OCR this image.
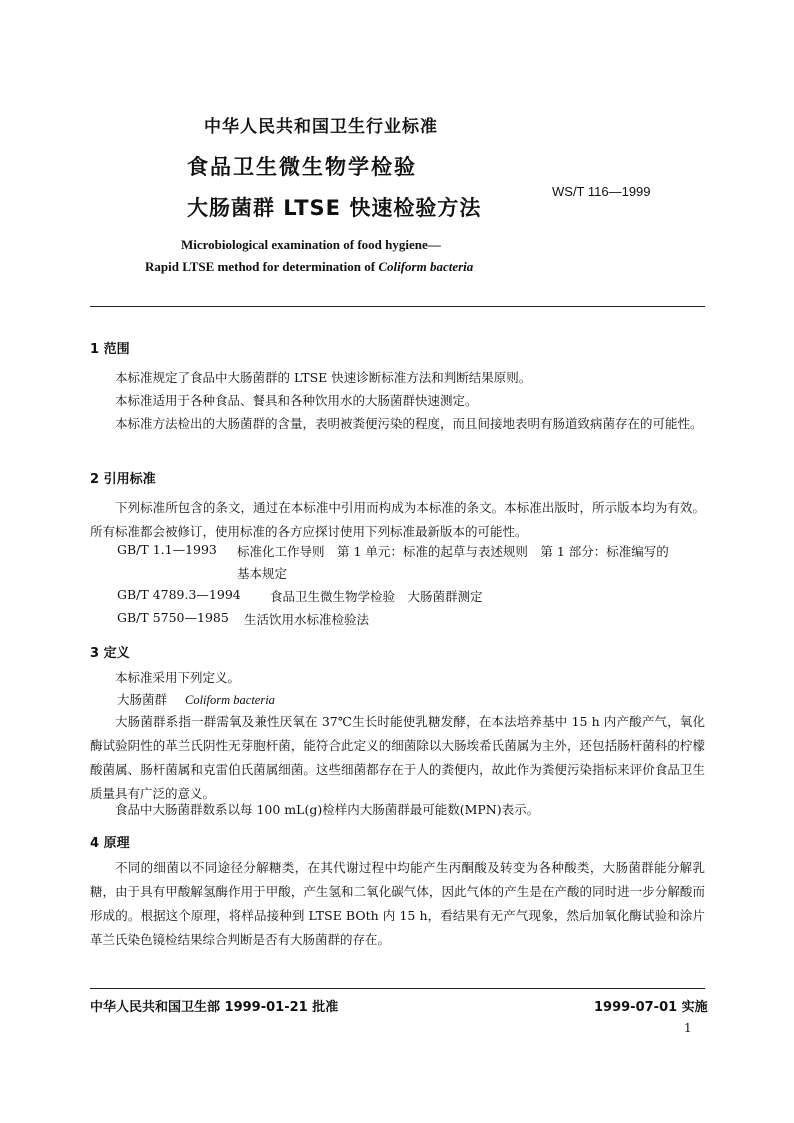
中华人民共和国卫生行业标准
食品卫生微生物学检验
大肠菌群 LTSE 快速检验方法
WS/T 116—1999
Microbiological examination of food hygiene—
Rapid LTSE method for determination of Coliform bacteria
1 范围
本标准规定了食品中大肠菌群的 LTSE 快速诊断标准方法和判断结果原则。
本标准适用于各种食品、餐具和各种饮用水的大肠菌群快速测定。
本标准方法检出的大肠菌群的含量，表明被粪便污染的程度，而且间接地表明有肠道致病菌存在的可能性。
2 引用标准
下列标准所包含的条文，通过在本标准中引用而构成为本标准的条文。本标准出版时，所示版本均为有效。所有标准都会被修订，使用标准的各方应探讨使用下列标准最新版本的可能性。
GB/T 1.1—1993 标准化工作导则　第 1 单元：标准的起草与表述规则　第 1 部分：标准编写的
基本规定
GB/T 4789.3—1994 食品卫生微生物学检验　大肠菌群测定
GB/T 5750—1985 生活饮用水标准检验法
3 定义
本标准采用下列定义。
大肠菌群 Coliform bacteria
大肠菌群系指一群需氧及兼性厌氧在 37℃生长时能使乳糖发酵，在本法培养基中 15 h 内产酸产气，氧化酶试验阴性的革兰氏阴性无芽胞杆菌，能符合此定义的细菌除以大肠埃希氏菌属为主外，还包括肠杆菌科的柠檬酸菌属、肠杆菌属和克雷伯氏菌属细菌。这些细菌都存在于人的粪便内，故此作为粪便污染指标来评价食品卫生质量具有广泛的意义。
食品中大肠菌群数系以每 100 mL(g)检样内大肠菌群最可能数(MPN)表示。
4 原理
不同的细菌以不同途径分解糖类，在其代谢过程中均能产生丙酮酸及转变为各种酸类，大肠菌群能分解乳糖，由于具有甲酸解氢酶作用于甲酸，产生氢和二氧化碳气体，因此气体的产生是在产酸的同时进一步分解酸而形成的。根据这个原理，将样品接种到 LTSE BOth 内 15 h，看结果有无产气现象，然后加氧化酶试验和涂片革兰氏染色镜检结果综合判断是否有大肠菌群的存在。
中华人民共和国卫生部 1999-01-21 批准	1999-07-01 实施
1
